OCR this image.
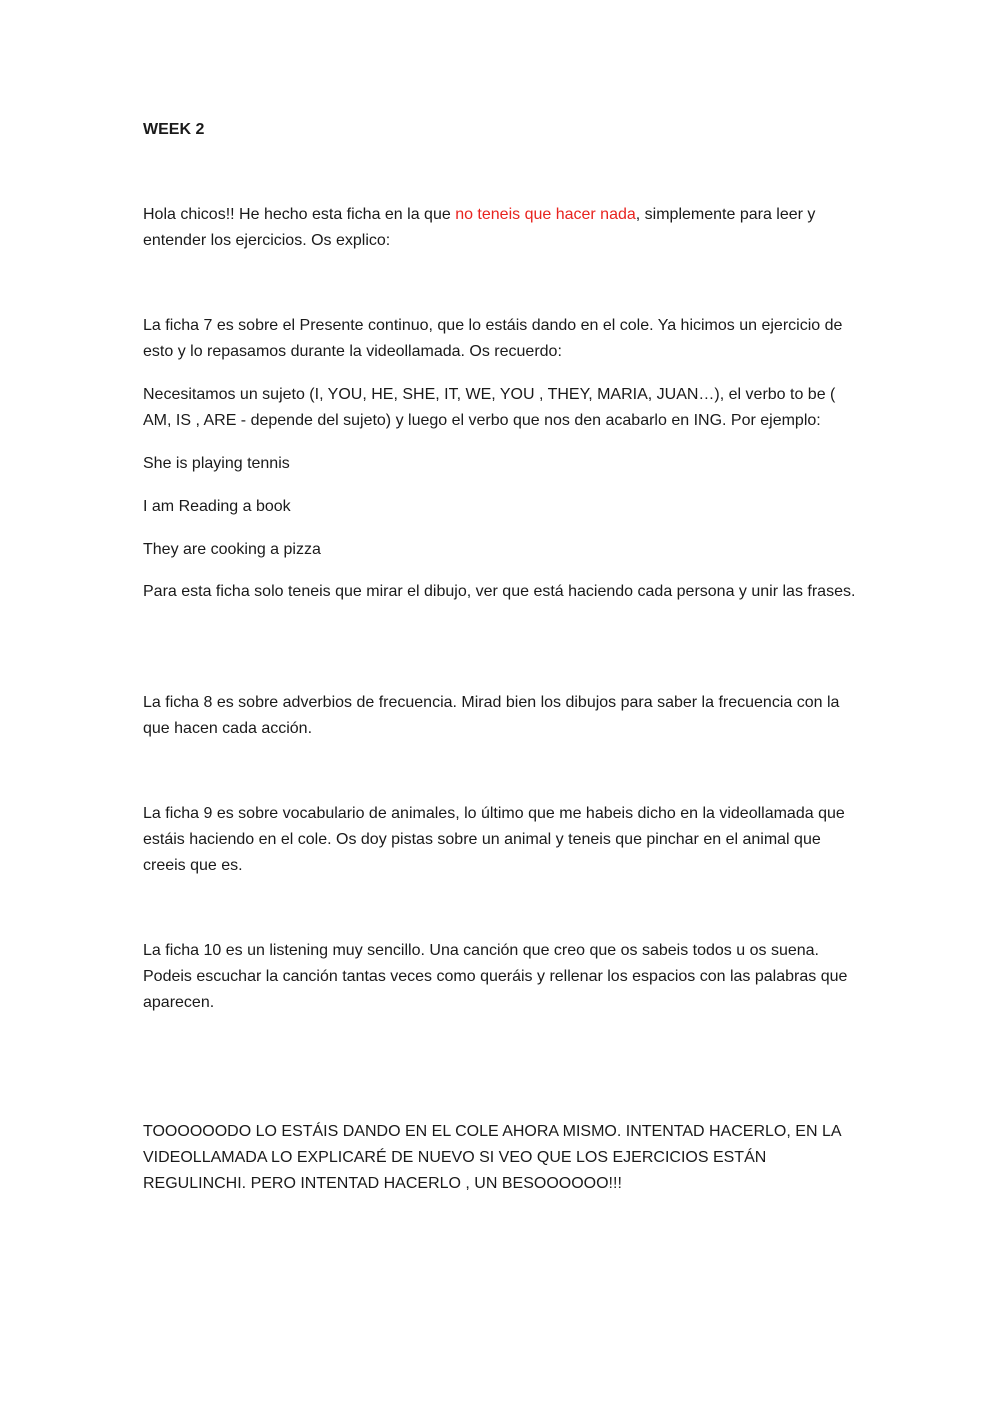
WEEK 2

Hola chicos!! He hecho esta ficha en la que no teneis que hacer nada, simplemente para leer y entender los ejercicios. Os explico:

La ficha 7 es sobre el Presente continuo, que lo estáis dando en el cole. Ya hicimos un ejercicio de esto y lo repasamos durante la videollamada. Os recuerdo:

Necesitamos un sujeto (I, YOU, HE, SHE, IT, WE, YOU , THEY, MARIA, JUAN…), el verbo to be ( AM, IS , ARE - depende del sujeto) y luego el verbo que nos den acabarlo en ING. Por ejemplo:

She is playing tennis

I am Reading a book

They are cooking a pizza

Para esta ficha solo teneis que mirar el dibujo, ver que está haciendo cada persona y unir las frases.

La ficha 8 es sobre adverbios de frecuencia. Mirad bien los dibujos para saber la frecuencia con la que hacen cada acción.

La ficha 9 es sobre vocabulario de animales, lo último que me habeis dicho en la videollamada que estáis haciendo en el cole. Os doy pistas sobre un animal y teneis que pinchar en el animal que creeis que es.

La ficha 10 es un listening muy sencillo. Una canción que creo que os sabeis todos u os suena. Podeis escuchar la canción tantas veces como queráis y rellenar los espacios con las palabras que aparecen.

TOOOOOODO LO ESTÁIS DANDO EN EL COLE AHORA MISMO. INTENTAD HACERLO, EN LA VIDEOLLAMADA LO EXPLICARÉ DE NUEVO SI VEO QUE LOS EJERCICIOS ESTÁN REGULINCHI. PERO INTENTAD HACERLO , UN BESOOOOOO!!!
